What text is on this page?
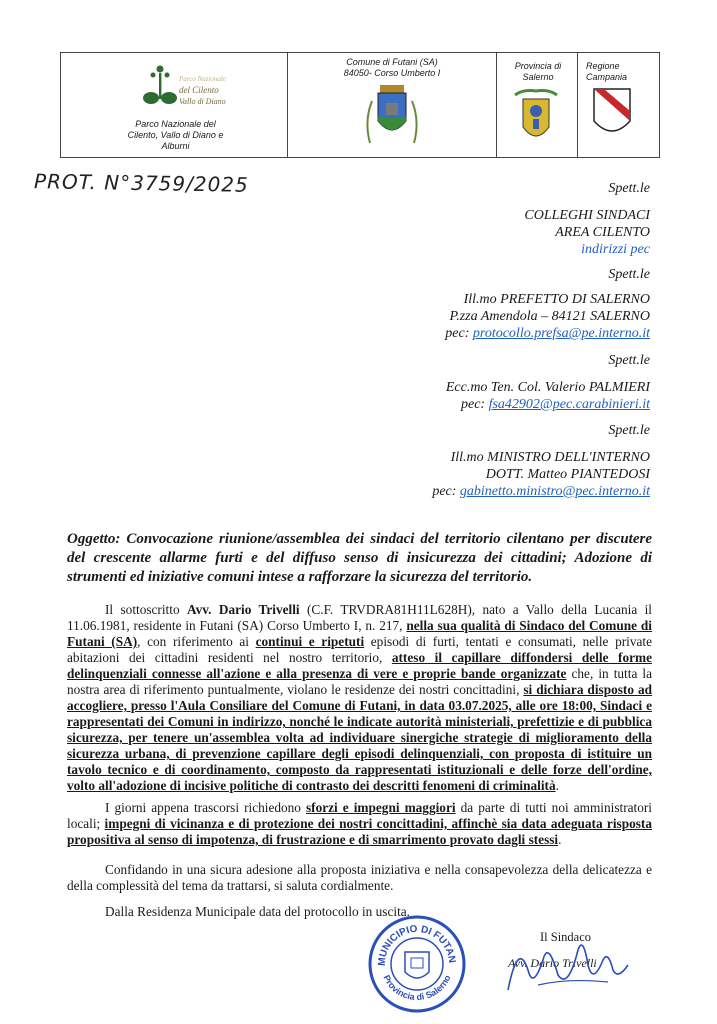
Parco Nazionale
del Cilento
Vallo di Diano
Parco Nazionale del
Cilento, Vallo di Diano e
Alburni
Comune di Futani (SA)
84050- Corso Umberto I
Provincia di
Salerno
Regione
Campania
PROT. N°3759/2025	Spett.le
COLLEGHI SINDACI
AREA CILENTO
indirizzi pec
Spett.le
Ill.mo PREFETTO DI SALERNO
P.zza Amendola – 84121 SALERNO
pec: protocollo.prefsa@pe.interno.it
Spett.le
Ecc.mo Ten. Col. Valerio PALMIERI
pec: fsa42902@pec.carabinieri.it
Spett.le
Ill.mo MINISTRO DELL'INTERNO
DOTT. Matteo PIANTEDOSI
pec: gabinetto.ministro@pec.interno.it
Oggetto: Convocazione riunione/assemblea dei sindaci del territorio cilentano per discutere del crescente allarme furti e del diffuso senso di insicurezza dei cittadini; Adozione di strumenti ed iniziative comuni intese a rafforzare la sicurezza del territorio.

Il sottoscritto Avv. Dario Trivelli (C.F. TRVDRA81H11L628H), nato a Vallo della Lucania il 11.06.1981, residente in Futani (SA) Corso Umberto I, n. 217, nella sua qualità di Sindaco del Comune di Futani (SA), con riferimento ai continui e ripetuti episodi di furti, tentati e consumati, nelle private abitazioni dei cittadini residenti nel nostro territorio, atteso il capillare diffondersi delle forme delinquenziali connesse all'azione e alla presenza di vere e proprie bande organizzate che, in tutta la nostra area di riferimento puntualmente, violano le residenze dei nostri concittadini, si dichiara disposto ad accogliere, presso l'Aula Consiliare del Comune di Futani, in data 03.07.2025, alle ore 18:00, Sindaci e rappresentati dei Comuni in indirizzo, nonché le indicate autorità ministeriali, prefettizie e di pubblica sicurezza, per tenere un'assemblea volta ad individuare sinergiche strategie di miglioramento della sicurezza urbana, di prevenzione capillare degli episodi delinquenziali, con proposta di istituire un tavolo tecnico e di coordinamento, composto da rappresentati istituzionali e delle forze dell'ordine, volto all'adozione di incisive politiche di contrasto dei descritti fenomeni di criminalità.

I giorni appena trascorsi richiedono sforzi e impegni maggiori da parte di tutti noi amministratori locali; impegni di vicinanza e di protezione dei nostri concittadini, affinchè sia data adeguata risposta propositiva al senso di impotenza, di frustrazione e di smarrimento provato dagli stessi.

Confidando in una sicura adesione alla proposta iniziativa e nella consapevolezza della delicatezza e della complessità del tema da trattarsi, si saluta cordialmente.

Dalla Residenza Municipale data del protocollo in uscita.

MUNICIPIO DI FUTAN
Provincia di Salerno
Il Sindaco
Avv. Dario Trivelli
